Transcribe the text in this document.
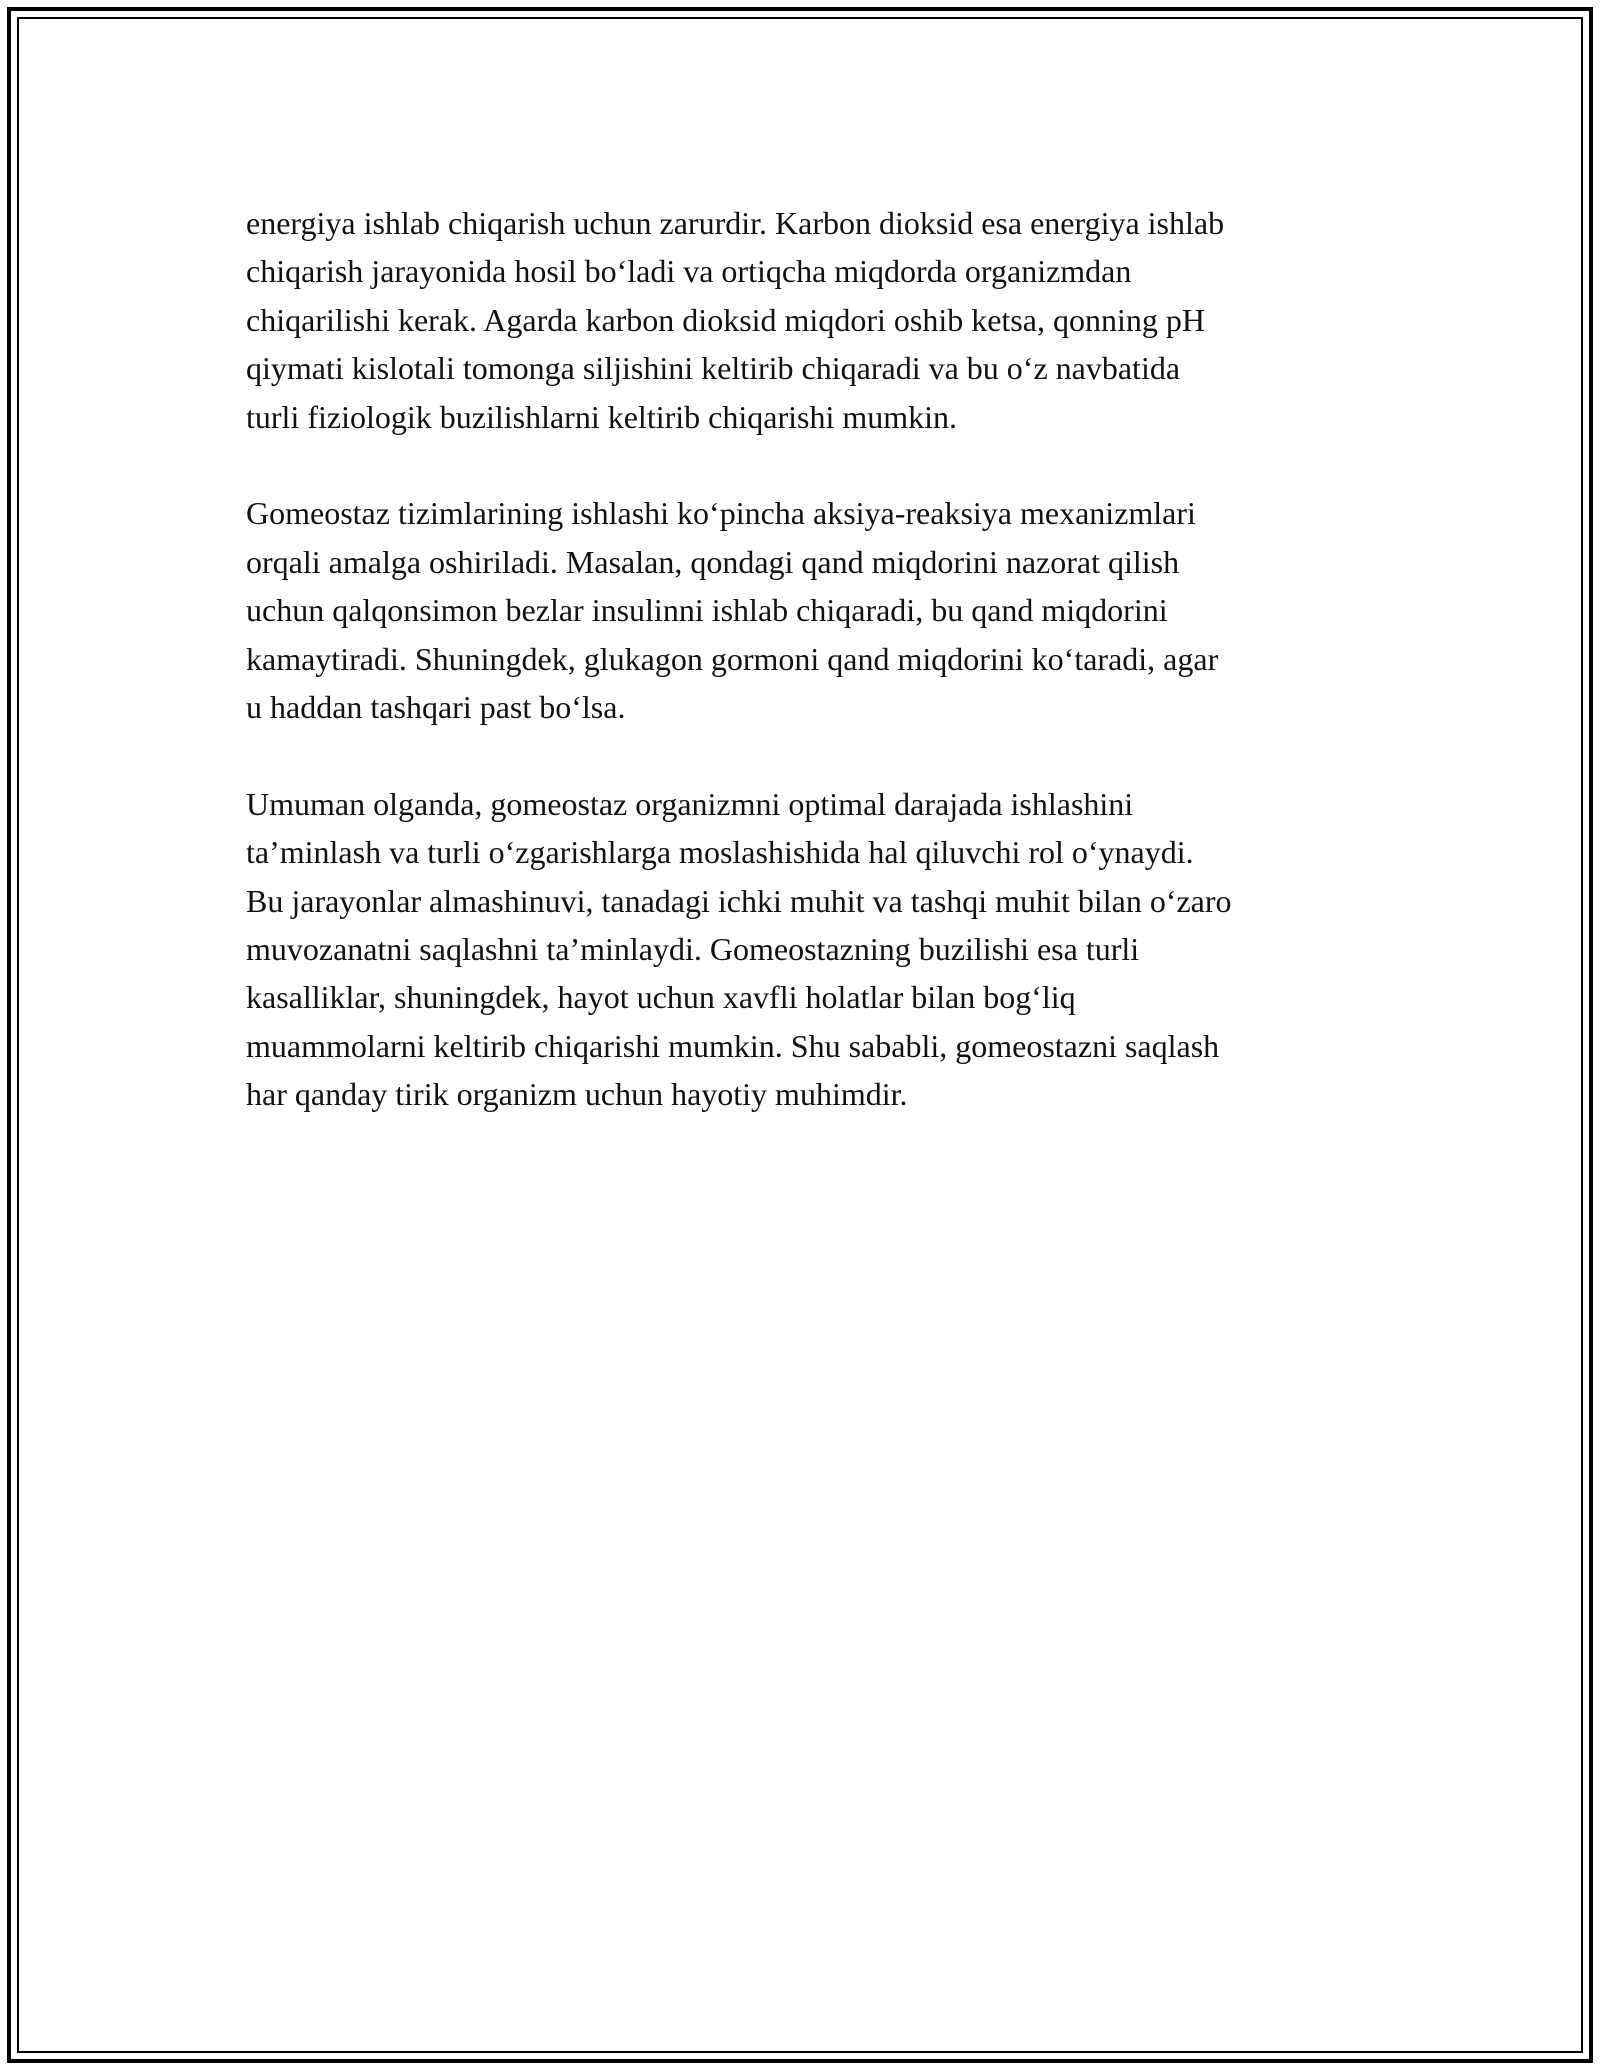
energiya ishlab chiqarish uchun zarurdir. Karbon dioksid esa energiya ishlab
chiqarish jarayonida hosil bo‘ladi va ortiqcha miqdorda organizmdan
chiqarilishi kerak. Agarda karbon dioksid miqdori oshib ketsa, qonning pH
qiymati kislotali tomonga siljishini keltirib chiqaradi va bu o‘z navbatida
turli fiziologik buzilishlarni keltirib chiqarishi mumkin.

Gomeostaz tizimlarining ishlashi ko‘pincha aksiya-reaksiya mexanizmlari
orqali amalga oshiriladi. Masalan, qondagi qand miqdorini nazorat qilish
uchun qalqonsimon bezlar insulinni ishlab chiqaradi, bu qand miqdorini
kamaytiradi. Shuningdek, glukagon gormoni qand miqdorini ko‘taradi, agar
u haddan tashqari past bo‘lsa.

Umuman olganda, gomeostaz organizmni optimal darajada ishlashini
ta’minlash va turli o‘zgarishlarga moslashishida hal qiluvchi rol o‘ynaydi.
Bu jarayonlar almashinuvi, tanadagi ichki muhit va tashqi muhit bilan o‘zaro
muvozanatni saqlashni ta’minlaydi. Gomeostazning buzilishi esa turli
kasalliklar, shuningdek, hayot uchun xavfli holatlar bilan bog‘liq
muammolarni keltirib chiqarishi mumkin. Shu sababli, gomeostazni saqlash
har qanday tirik organizm uchun hayotiy muhimdir.
